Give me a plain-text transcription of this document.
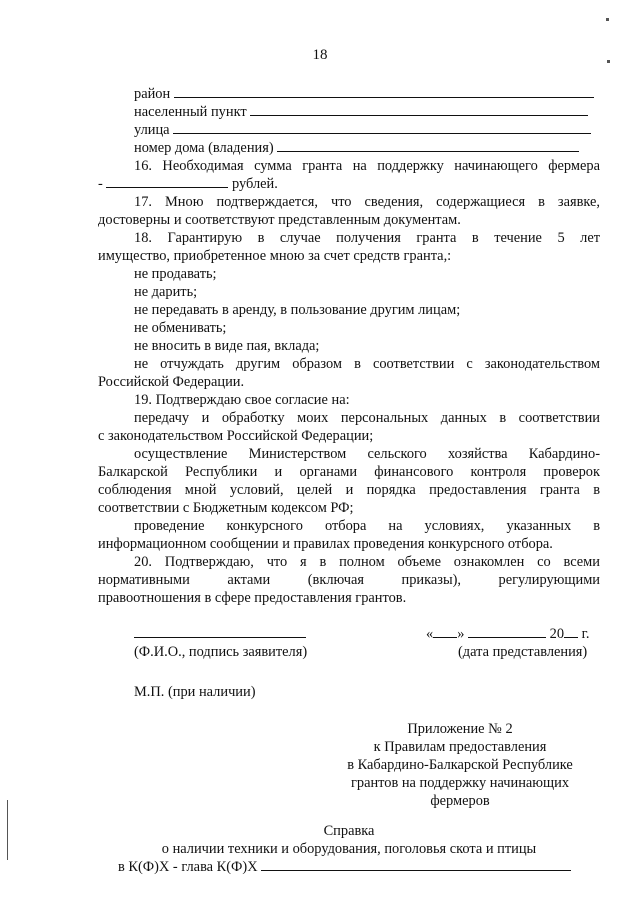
18
район
населенный пункт
улица
номер дома (владения)
16. Необходимая сумма гранта на поддержку начинающего фермера
-	рублей.
17. Мною подтверждается, что сведения, содержащиеся в заявке,
достоверны и соответствуют представленным документам.
18. Гарантирую в случае получения гранта в течение 5 лет
имущество, приобретенное мною за счет средств гранта,:
не продавать;
не дарить;
не передавать в аренду, в пользование другим лицам;
не обменивать;
не вносить в виде пая, вклада;
не отчуждать другим образом в соответствии с законодательством
Российской Федерации.
19. Подтверждаю свое согласие на:
передачу и обработку моих персональных данных в соответствии
с законодательством Российской Федерации;
осуществление Министерством сельского хозяйства Кабардино-
Балкарской Республики и органами финансового контроля проверок
соблюдения мной условий, целей и порядка предоставления гранта в
соответствии с Бюджетным кодексом РФ;
проведение конкурсного отбора на условиях, указанных в
информационном сообщении и правилах проведения конкурсного отбора.
20. Подтверждаю, что я в полном объеме ознакомлен со всеми
нормативными актами (включая приказы), регулирующими
правоотношения в сфере предоставления грантов.
(Ф.И.О., подпись заявителя)
« »	20 г.
(дата представления)
М.П. (при наличии)
Приложение № 2
к Правилам предоставления
в Кабардино-Балкарской Республике
грантов на поддержку начинающих
фермеров
Справка
о наличии техники и оборудования, поголовья скота и птицы
в К(Ф)Х - глава К(Ф)Х
